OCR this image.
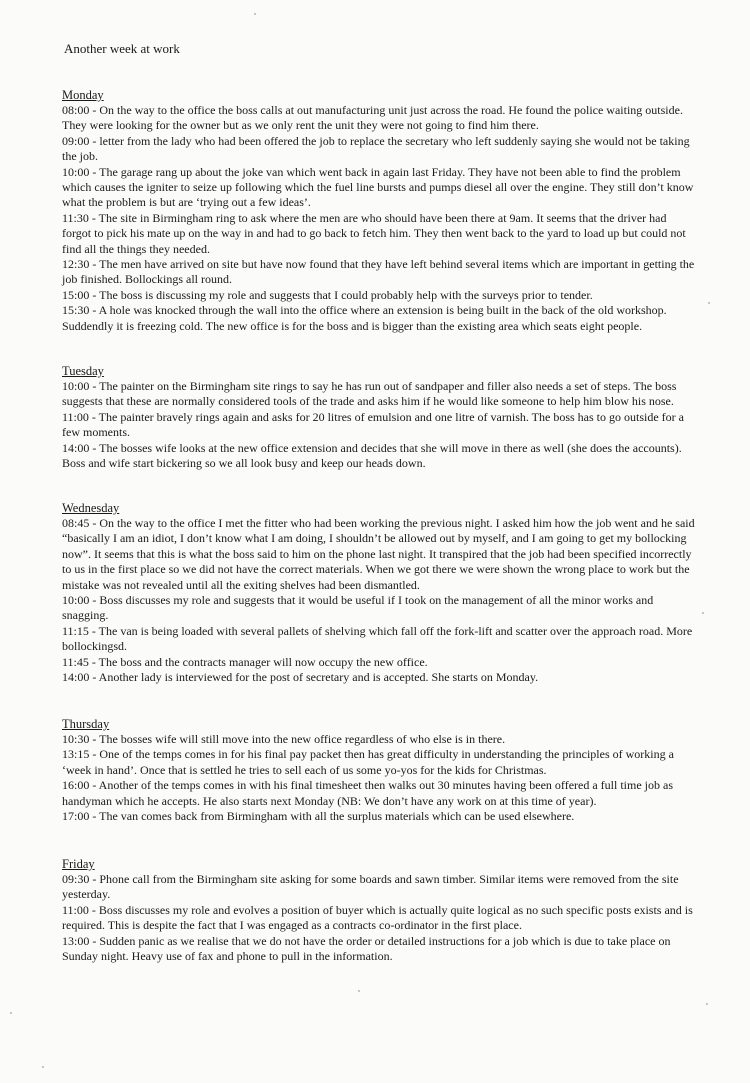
Another week at work

Monday

08:00 - On the way to the office the boss calls at out manufacturing unit just across the road. He found the police waiting outside. They were looking for the owner but as we only rent the unit they were not going to find him there.

09:00 - letter from the lady who had been offered the job to replace the secretary who left suddenly saying she would not be taking the job.

10:00 - The garage rang up about the joke van which went back in again last Friday. They have not been able to find the problem which causes the igniter to seize up following which the fuel line bursts and pumps diesel all over the engine. They still don’t know what the problem is but are ‘trying out a few ideas’.

11:30 - The site in Birmingham ring to ask where the men are who should have been there at 9am. It seems that the driver had forgot to pick his mate up on the way in and had to go back to fetch him. They then went back to the yard to load up but could not find all the things they needed.

12:30 - The men have arrived on site but have now found that they have left behind several items which are important in getting the job finished. Bollockings all round.

15:00 - The boss is discussing my role and suggests that I could probably help with the surveys prior to tender.

15:30 - A hole was knocked through the wall into the office where an extension is being built in the back of the old workshop. Suddendly it is freezing cold. The new office is for the boss and is bigger than the existing area which seats eight people.

Tuesday

10:00 - The painter on the Birmingham site rings to say he has run out of sandpaper and filler also needs a set of steps. The boss suggests that these are normally considered tools of the trade and asks him if he would like someone to help him blow his nose.

11:00 - The painter bravely rings again and asks for 20 litres of emulsion and one litre of varnish. The boss has to go outside for a few moments.

14:00 - The bosses wife looks at the new office extension and decides that she will move in there as well (she does the accounts). Boss and wife start bickering so we all look busy and keep our heads down.

Wednesday

08:45 - On the way to the office I met the fitter who had been working the previous night. I asked him how the job went and he said “basically I am an idiot, I don’t know what I am doing, I shouldn’t be allowed out by myself, and I am going to get my bollocking now”. It seems that this is what the boss said to him on the phone last night. It transpired that the job had been specified incorrectly to us in the first place so we did not have the correct materials. When we got there we were shown the wrong place to work but the mistake was not revealed until all the exiting shelves had been dismantled.

10:00 - Boss discusses my role and suggests that it would be useful if I took on the management of all the minor works and snagging.

11:15 - The van is being loaded with several pallets of shelving which fall off the fork-lift and scatter over the approach road. More bollockingsd.

11:45 - The boss and the contracts manager will now occupy the new office.

14:00 - Another lady is interviewed for the post of secretary and is accepted. She starts on Monday.

Thursday

10:30 - The bosses wife will still move into the new office regardless of who else is in there.

13:15 - One of the temps comes in for his final pay packet then has great difficulty in understanding the principles of working a ‘week in hand’. Once that is settled he tries to sell each of us some yo-yos for the kids for Christmas.

16:00 - Another of the temps comes in with his final timesheet then walks out 30 minutes having been offered a full time job as handyman which he accepts. He also starts next Monday (NB: We don’t have any work on at this time of year).

17:00 - The van comes back from Birmingham with all the surplus materials which can be used elsewhere.

Friday

09:30 - Phone call from the Birmingham site asking for some boards and sawn timber. Similar items were removed from the site yesterday.

11:00 - Boss discusses my role and evolves a position of buyer which is actually quite logical as no such specific posts exists and is required. This is despite the fact that I was engaged as a contracts co-ordinator in the first place.

13:00 - Sudden panic as we realise that we do not have the order or detailed instructions for a job which is due to take place on Sunday night. Heavy use of fax and phone to pull in the information.
